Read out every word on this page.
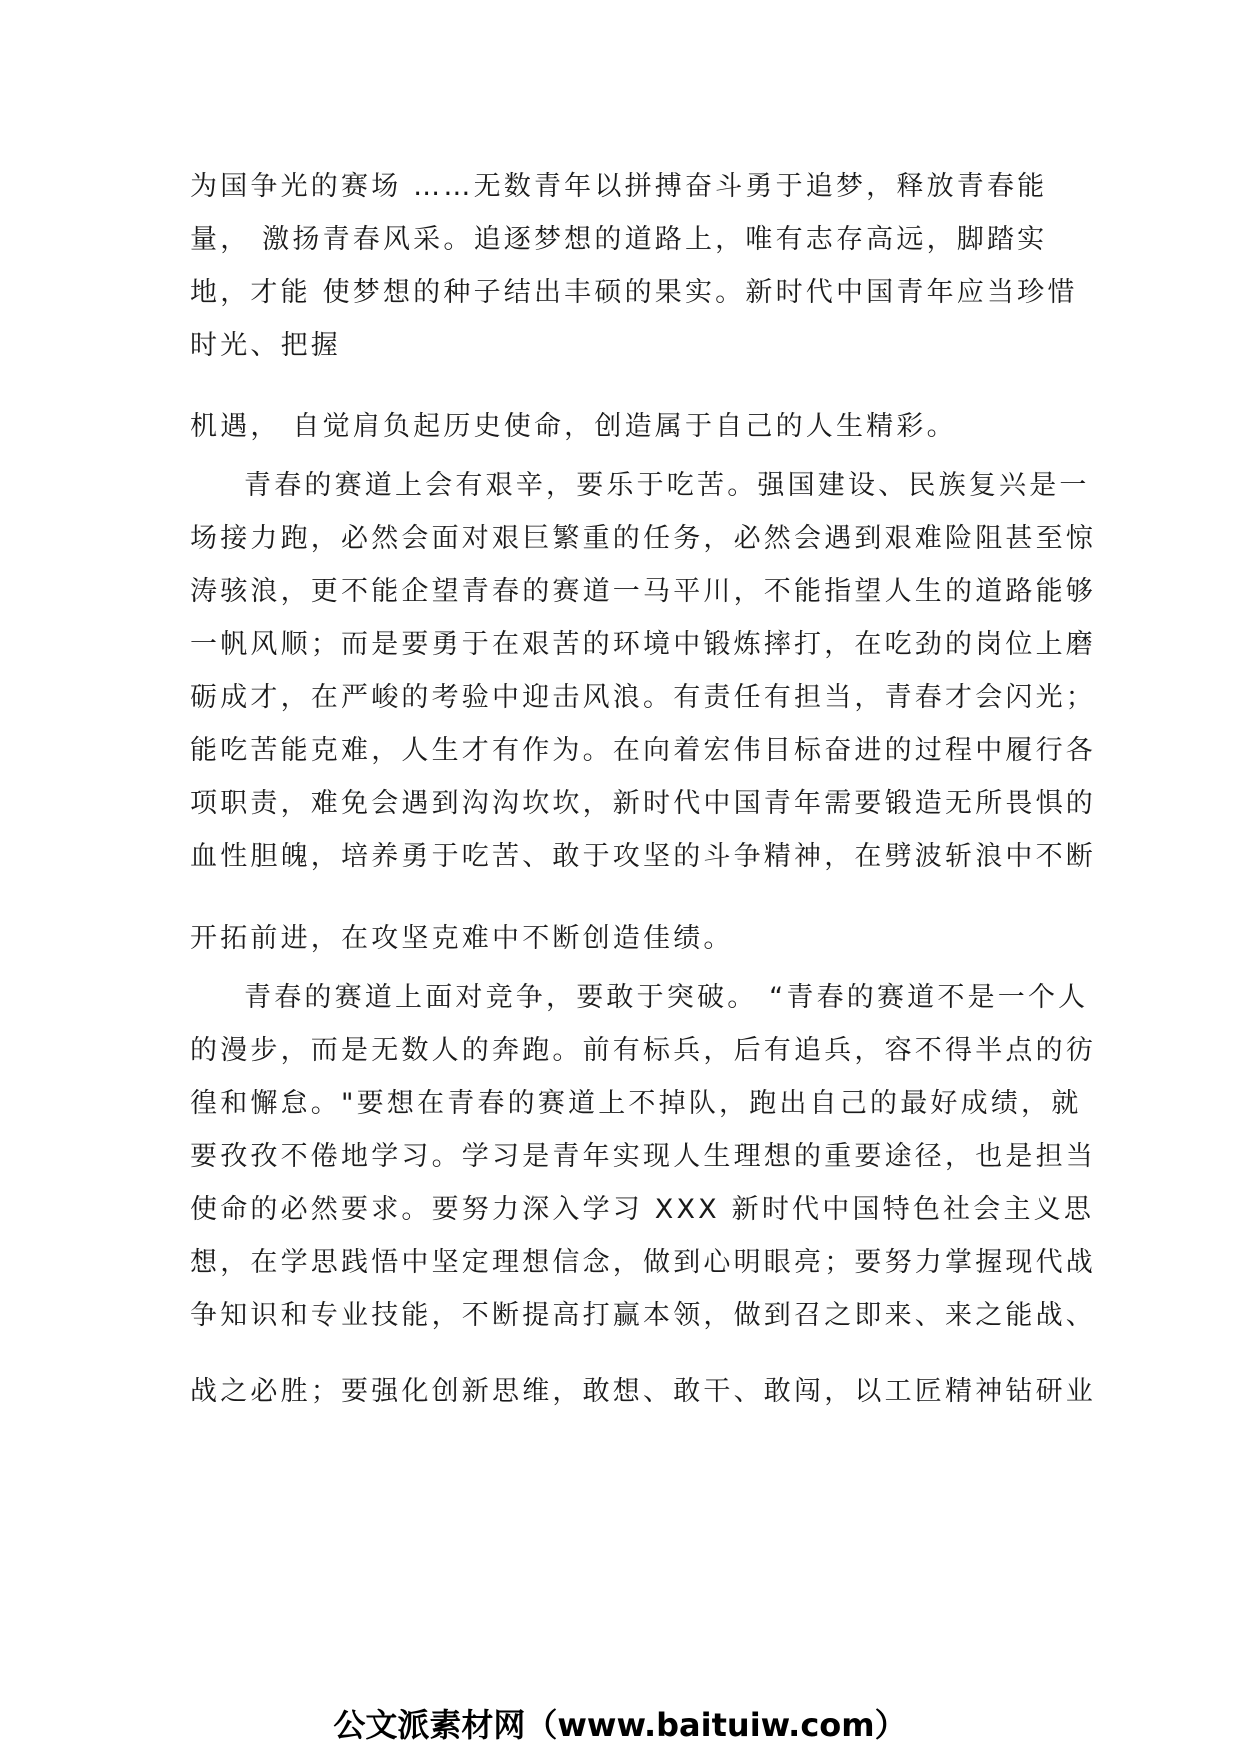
为国争光的赛场 ……无数青年以拼搏奋斗勇于追梦，释放青春能
量， 激扬青春风采。追逐梦想的道路上，唯有志存高远，脚踏实
地，才能 使梦想的种子结出丰硕的果实。新时代中国青年应当珍惜
时光、把握
机遇， 自觉肩负起历史使命，创造属于自己的人生精彩。
青春的赛道上会有艰辛，要乐于吃苦。强国建设、民族复兴是一
场接力跑，必然会面对艰巨繁重的任务，必然会遇到艰难险阻甚至惊
涛骇浪，更不能企望青春的赛道一马平川，不能指望人生的道路能够
一帆风顺；而是要勇于在艰苦的环境中锻炼摔打，在吃劲的岗位上磨
砺成才，在严峻的考验中迎击风浪。有责任有担当，青春才会闪光；
能吃苦能克难，人生才有作为。在向着宏伟目标奋进的过程中履行各
项职责，难免会遇到沟沟坎坎，新时代中国青年需要锻造无所畏惧的
血性胆魄，培养勇于吃苦、敢于攻坚的斗争精神，在劈波斩浪中不断
开拓前进，在攻坚克难中不断创造佳绩。
青春的赛道上面对竞争，要敢于突破。 “青春的赛道不是一个人
的漫步，而是无数人的奔跑。前有标兵，后有追兵，容不得半点的彷
徨和懈怠。"要想在青春的赛道上不掉队，跑出自己的最好成绩，就
要孜孜不倦地学习。学习是青年实现人生理想的重要途径，也是担当
使命的必然要求。要努力深入学习 XXX 新时代中国特色社会主义思
想，在学思践悟中坚定理想信念，做到心明眼亮；要努力掌握现代战
争知识和专业技能，不断提高打赢本领，做到召之即来、来之能战、
战之必胜；要强化创新思维，敢想、敢干、敢闯，以工匠精神钻研业
公文派素材网（www.baituiw.com）
